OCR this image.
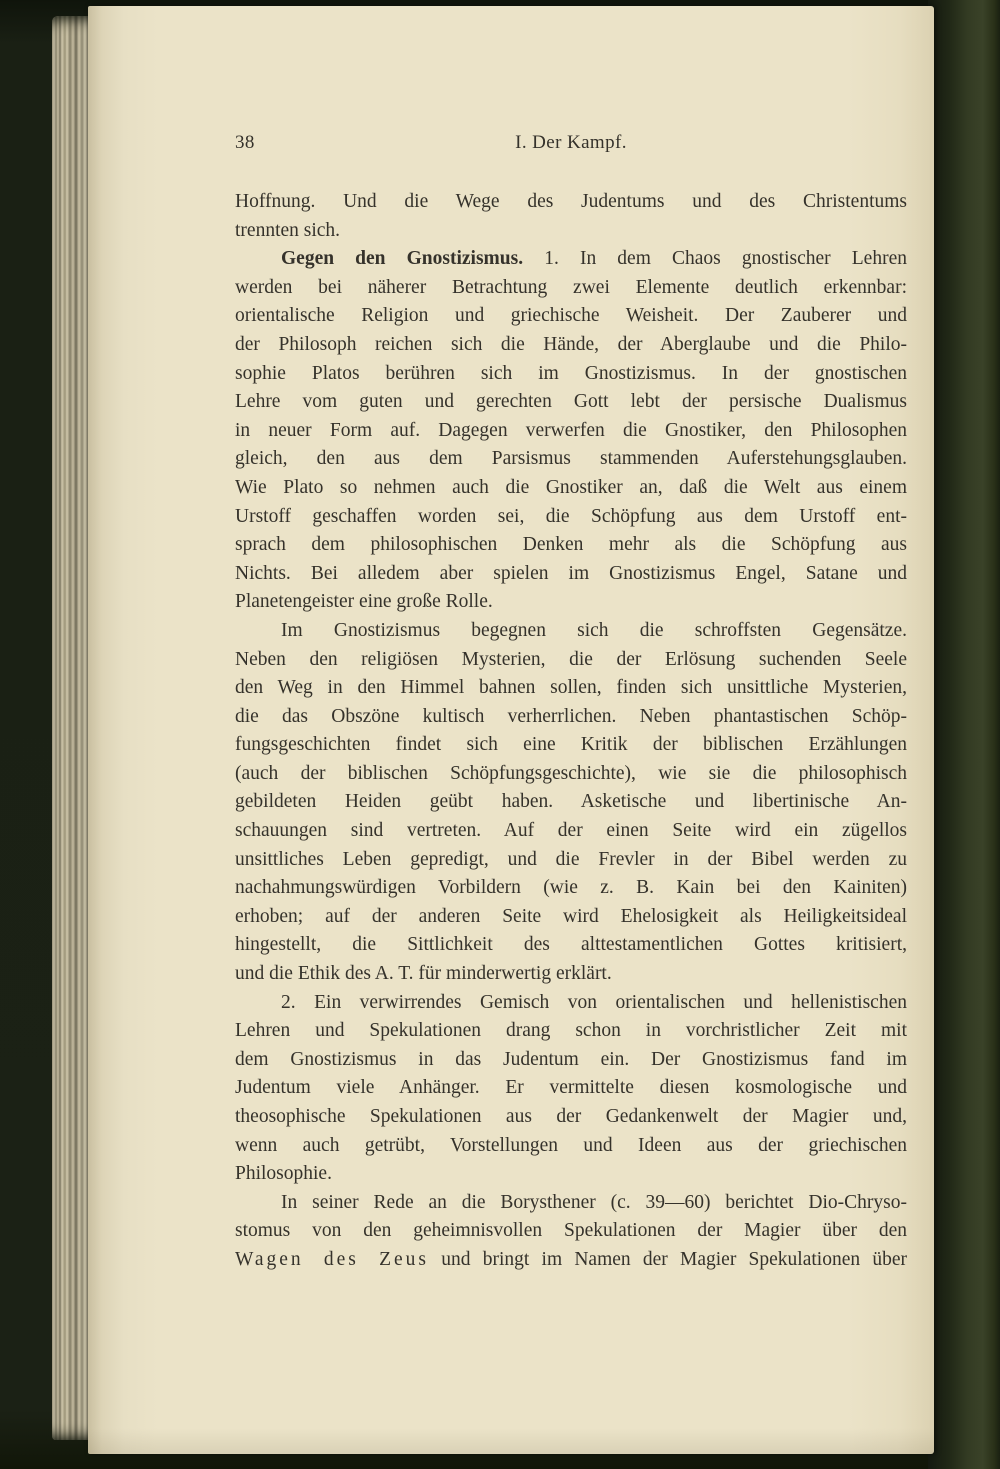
38	I. Der Kampf.
Hoffnung. Und die Wege des Judentums und des Christentums
trennten sich.
Gegen den Gnostizismus. 1. In dem Chaos gnostischer Lehren
werden bei näherer Betrachtung zwei Elemente deutlich erkennbar:
orientalische Religion und griechische Weisheit. Der Zauberer und
der Philosoph reichen sich die Hände, der Aberglaube und die Philo-
sophie Platos berühren sich im Gnostizismus. In der gnostischen
Lehre vom guten und gerechten Gott lebt der persische Dualismus
in neuer Form auf. Dagegen verwerfen die Gnostiker, den Philosophen
gleich, den aus dem Parsismus stammenden Auferstehungsglauben.
Wie Plato so nehmen auch die Gnostiker an, daß die Welt aus einem
Urstoff geschaffen worden sei, die Schöpfung aus dem Urstoff ent-
sprach dem philosophischen Denken mehr als die Schöpfung aus
Nichts. Bei alledem aber spielen im Gnostizismus Engel, Satane und
Planetengeister eine große Rolle.
Im Gnostizismus begegnen sich die schroffsten Gegensätze.
Neben den religiösen Mysterien, die der Erlösung suchenden Seele
den Weg in den Himmel bahnen sollen, finden sich unsittliche Mysterien,
die das Obszöne kultisch verherrlichen. Neben phantastischen Schöp-
fungsgeschichten findet sich eine Kritik der biblischen Erzählungen
(auch der biblischen Schöpfungsgeschichte), wie sie die philosophisch
gebildeten Heiden geübt haben. Asketische und libertinische An-
schauungen sind vertreten. Auf der einen Seite wird ein zügellos
unsittliches Leben gepredigt, und die Frevler in der Bibel werden zu
nachahmungswürdigen Vorbildern (wie z. B. Kain bei den Kainiten)
erhoben; auf der anderen Seite wird Ehelosigkeit als Heiligkeitsideal
hingestellt, die Sittlichkeit des alttestamentlichen Gottes kritisiert,
und die Ethik des A. T. für minderwertig erklärt.
2. Ein verwirrendes Gemisch von orientalischen und hellenistischen
Lehren und Spekulationen drang schon in vorchristlicher Zeit mit
dem Gnostizismus in das Judentum ein. Der Gnostizismus fand im
Judentum viele Anhänger. Er vermittelte diesen kosmologische und
theosophische Spekulationen aus der Gedankenwelt der Magier und,
wenn auch getrübt, Vorstellungen und Ideen aus der griechischen
Philosophie.
In seiner Rede an die Borysthener (c. 39—60) berichtet Dio-Chryso-
stomus von den geheimnisvollen Spekulationen der Magier über den
Wagen des Zeus und bringt im Namen der Magier Spekulationen über
